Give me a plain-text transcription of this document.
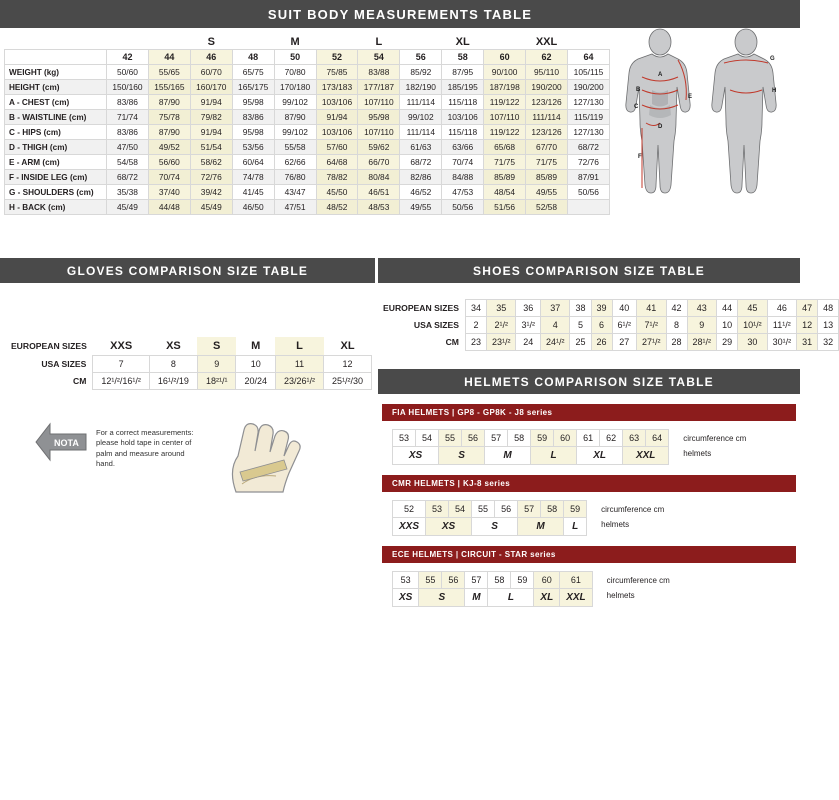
SUIT BODY MEASUREMENTS TABLE
			S		M		L		XL		XXL	
	42	44	46	48	50	52	54	56	58	60	62	64
WEIGHT (kg)	50/60	55/65	60/70	65/75	70/80	75/85	83/88	85/92	87/95	90/100	95/110	105/115
HEIGHT (cm)	150/160	155/165	160/170	165/175	170/180	173/183	177/187	182/190	185/195	187/198	190/200	190/200
A - CHEST (cm)	83/86	87/90	91/94	95/98	99/102	103/106	107/110	111/114	115/118	119/122	123/126	127/130
B - WAISTLINE (cm)	71/74	75/78	79/82	83/86	87/90	91/94	95/98	99/102	103/106	107/110	111/114	115/119
C - HIPS (cm)	83/86	87/90	91/94	95/98	99/102	103/106	107/110	111/114	115/118	119/122	123/126	127/130
D - THIGH (cm)	47/50	49/52	51/54	53/56	55/58	57/60	59/62	61/63	63/66	65/68	67/70	68/72
E - ARM (cm)	54/58	56/60	58/62	60/64	62/66	64/68	66/70	68/72	70/74	71/75	71/75	72/76
F - INSIDE LEG (cm)	68/72	70/74	72/76	74/78	76/80	78/82	80/84	82/86	84/88	85/89	85/89	87/91
G - SHOULDERS (cm)	35/38	37/40	39/42	41/45	43/47	45/50	46/51	46/52	47/53	48/54	49/55	50/56
H - BACK (cm)	45/49	44/48	45/49	46/50	47/51	48/52	48/53	49/55	50/56	51/56	52/58	
A
B
C
D
E
F
G
H
GLOVES COMPARISON SIZE TABLE
EUROPEAN SIZES	XXS	XS	S	M	L	XL
USA SIZES	7	8	9	10	11	12
CM	12¹/²/16¹/²	16¹/²/19	18²¹/¹	20/24	23/26¹/²	25¹/²/30
NOTA
For a correct measurements: please hold tape in center of palm and measure around hand.
SHOES COMPARISON SIZE TABLE
EUROPEAN SIZES	34	35	36	37	38	39	40	41	42	43	44	45	46	47	48
USA SIZES	2	2¹/²	3¹/²	4	5	6	6¹/²	7¹/²	8	9	10	10¹/²	11¹/²	12	13
CM	23	23¹/²	24	24¹/²	25	26	27	27¹/²	28	28¹/²	29	30	30¹/²	31	32
HELMETS COMPARISON SIZE TABLE
FIA HELMETS | GP8 - GP8K - J8 series
53	54	55	56	57	58	59	60	61	62	63	64
XS		S		M		L		XL		XXL	
circumference cm
helmets
CMR HELMETS | KJ-8 series
52	53	54	55	56	57	58	59
XXS	XS		S		M		L
circumference cm
helmets
ECE HELMETS | CIRCUIT - STAR series
53	55	56	57	58	59	60	61
XS	S		M	L		XL	XXL
circumference cm
helmets
